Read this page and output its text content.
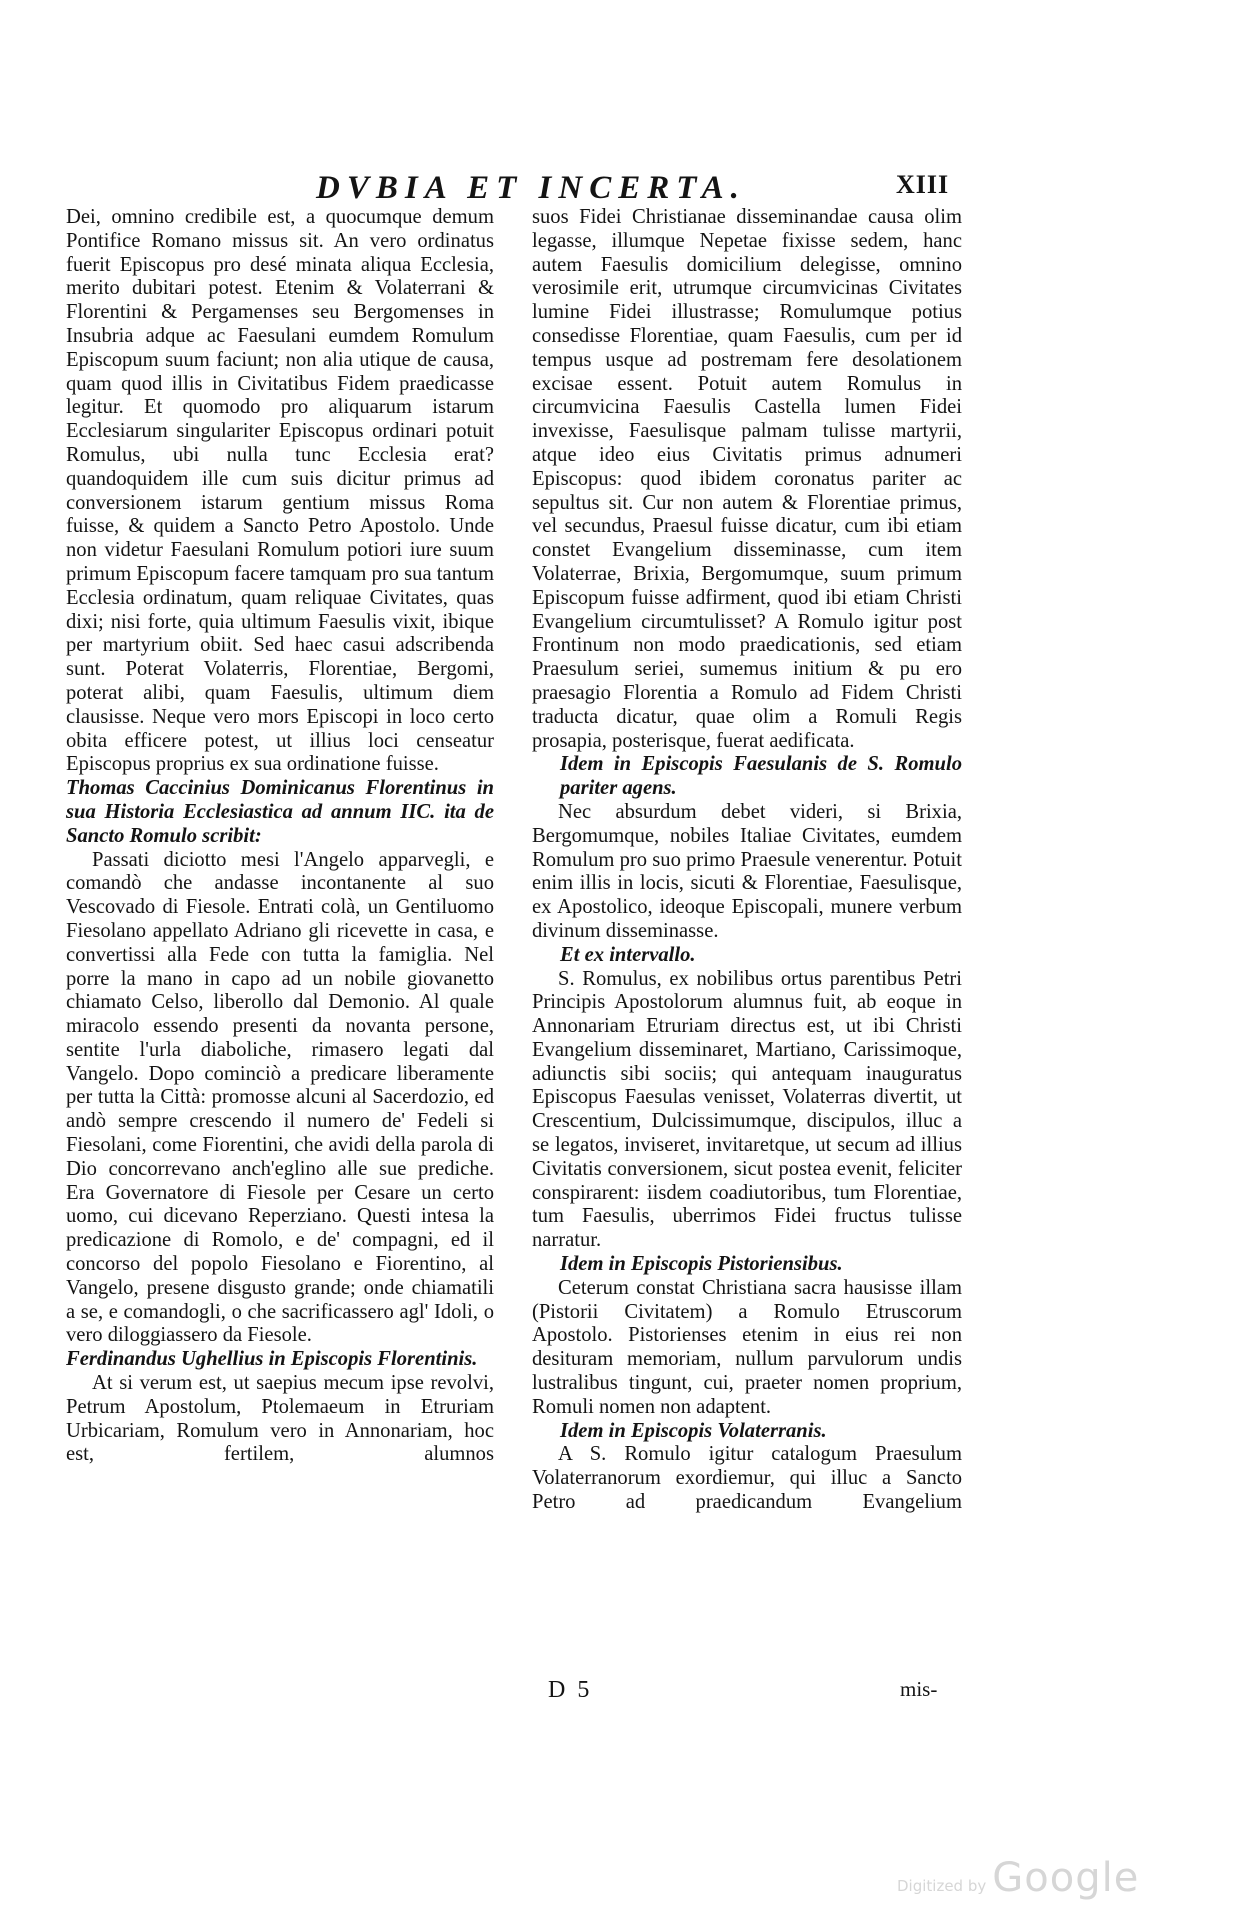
DVBIA ET INCERTA.	XIII

Dei, omnino credibile est, a quocumque demum Pontifice Romano missus sit. An vero ordinatus fuerit Episcopus pro desé minata aliqua Ecclesia, merito dubitari potest. Etenim & Volaterrani & Florentini & Pergamenses seu Bergomenses in Insubria adque ac Faesulani eumdem Romulum Episcopum suum faciunt; non alia utique de causa, quam quod illis in Civitatibus Fidem praedicasse legitur. Et quomodo pro aliquarum istarum Ecclesiarum singulariter Episcopus ordinari potuit Romulus, ubi nulla tunc Ecclesia erat? quandoquidem ille cum suis dicitur primus ad conversionem istarum gentium missus Roma fuisse, & quidem a Sancto Petro Apostolo. Unde non videtur Faesulani Romulum potiori iure suum primum Episcopum facere tamquam pro sua tantum Ecclesia ordinatum, quam reliquae Civitates, quas dixi; nisi forte, quia ultimum Faesulis vixit, ibique per martyrium obiit. Sed haec casui adscribenda sunt. Poterat Volaterris, Florentiae, Bergomi, poterat alibi, quam Faesulis, ultimum diem clausisse. Neque vero mors Episcopi in loco certo obita efficere potest, ut illius loci censeatur Episcopus proprius ex sua ordinatione fuisse.

Thomas Caccinius Dominicanus Florentinus in sua Historia Ecclesiastica ad annum IIC. ita de Sancto Romulo scribit:

Passati diciotto mesi l'Angelo apparvegli, e comandò che andasse incontanente al suo Vescovado di Fiesole. Entrati colà, un Gentiluomo Fiesolano appellato Adriano gli ricevette in casa, e convertissi alla Fede con tutta la famiglia. Nel porre la mano in capo ad un nobile giovanetto chiamato Celso, liberollo dal Demonio. Al quale miracolo essendo presenti da novanta persone, sentite l'urla diaboliche, rimasero legati dal Vangelo. Dopo cominciò a predicare liberamente per tutta la Città: promosse alcuni al Sacerdozio, ed andò sempre crescendo il numero de' Fedeli si Fiesolani, come Fiorentini, che avidi della parola di Dio concorrevano anch'eglino alle sue prediche. Era Governatore di Fiesole per Cesare un certo uomo, cui dicevano Reperziano. Questi intesa la predicazione di Romolo, e de' compagni, ed il concorso del popolo Fiesolano e Fiorentino, al Vangelo, presene disgusto grande; onde chiamatili a se, e comandogli, o che sacrificassero agl' Idoli, o vero diloggiassero da Fiesole.

Ferdinandus Ughellius in Episcopis Florentinis.

At si verum est, ut saepius mecum ipse revolvi, Petrum Apostolum, Ptolemaeum in Etruriam Urbicariam, Romulum vero in Annonariam, hoc est, fertilem, alumnos

suos Fidei Christianae disseminandae causa olim legasse, illumque Nepetae fixisse sedem, hanc autem Faesulis domicilium delegisse, omnino verosimile erit, utrumque circumvicinas Civitates lumine Fidei illustrasse; Romulumque potius consedisse Florentiae, quam Faesulis, cum per id tempus usque ad postremam fere desolationem excisae essent. Potuit autem Romulus in circumvicina Faesulis Castella lumen Fidei invexisse, Faesulisque palmam tulisse martyrii, atque ideo eius Civitatis primus adnumeri Episcopus: quod ibidem coronatus pariter ac sepultus sit. Cur non autem & Florentiae primus, vel secundus, Praesul fuisse dicatur, cum ibi etiam constet Evangelium disseminasse, cum item Volaterrae, Brixia, Bergomumque, suum primum Episcopum fuisse adfirment, quod ibi etiam Christi Evangelium circumtulisset? A Romulo igitur post Frontinum non modo praedicationis, sed etiam Praesulum seriei, sumemus initium & pu ero praesagio Florentia a Romulo ad Fidem Christi traducta dicatur, quae olim a Romuli Regis prosapia, posterisque, fuerat aedificata.

Idem in Episcopis Faesulanis de S. Romulo pariter agens.

Nec absurdum debet videri, si Brixia, Bergomumque, nobiles Italiae Civitates, eumdem Romulum pro suo primo Praesule venerentur. Potuit enim illis in locis, sicuti & Florentiae, Faesulisque, ex Apostolico, ideoque Episcopali, munere verbum divinum disseminasse.

Et ex intervallo.

S. Romulus, ex nobilibus ortus parentibus Petri Principis Apostolorum alumnus fuit, ab eoque in Annonariam Etruriam directus est, ut ibi Christi Evangelium disseminaret, Martiano, Carissimoque, adiunctis sibi sociis; qui antequam inauguratus Episcopus Faesulas venisset, Volaterras divertit, ut Crescentium, Dulcissimumque, discipulos, illuc a se legatos, inviseret, invitaretque, ut secum ad illius Civitatis conversionem, sicut postea evenit, feliciter conspirarent: iisdem coadiutoribus, tum Florentiae, tum Faesulis, uberrimos Fidei fructus tulisse narratur.

Idem in Episcopis Pistoriensibus.

Ceterum constat Christiana sacra hausisse illam (Pistorii Civitatem) a Romulo Etruscorum Apostolo. Pistorienses etenim in eius rei non desituram memoriam, nullum parvulorum undis lustralibus tingunt, cui, praeter nomen proprium, Romuli nomen non adaptent.

Idem in Episcopis Volaterranis.

A S. Romulo igitur catalogum Praesulum Volaterranorum exordiemur, qui illuc a Sancto Petro ad praedicandum Evangelium

D 5	mis-
Digitized by Google
